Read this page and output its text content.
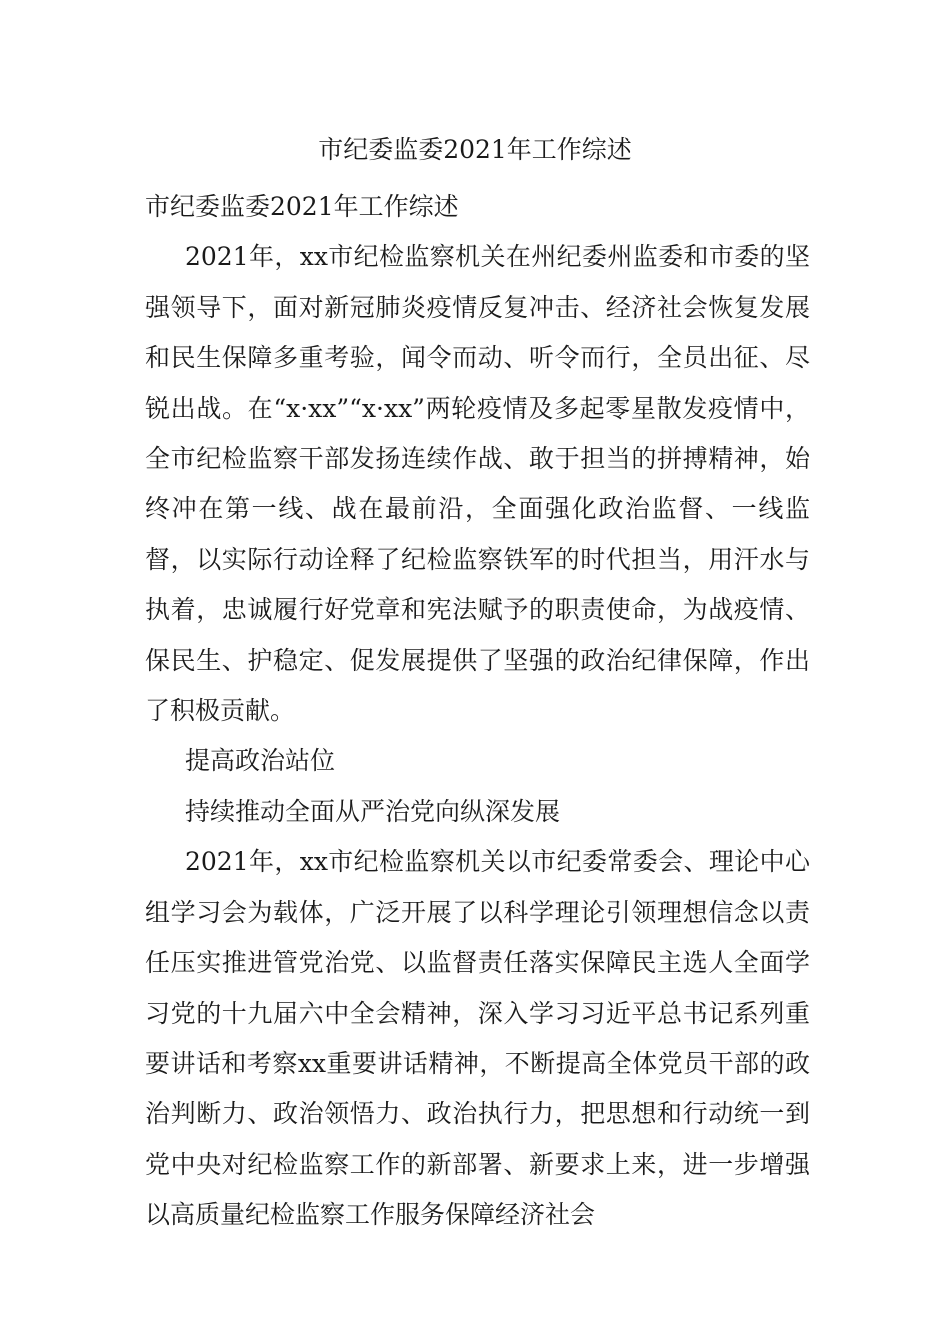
市纪委监委2021年工作综述

市纪委监委2021年工作综述

2021年，xx市纪检监察机关在州纪委州监委和市委的坚强领导下，面对新冠肺炎疫情反复冲击、经济社会恢复发展和民生保障多重考验，闻令而动、听令而行，全员出征、尽锐出战。在“x·xx”“x·xx”两轮疫情及多起零星散发疫情中，全市纪检监察干部发扬连续作战、敢于担当的拼搏精神，始终冲在第一线、战在最前沿，全面强化政治监督、一线监督，以实际行动诠释了纪检监察铁军的时代担当，用汗水与执着，忠诚履行好党章和宪法赋予的职责使命，为战疫情、保民生、护稳定、促发展提供了坚强的政治纪律保障，作出了积极贡献。

提高政治站位

持续推动全面从严治党向纵深发展

2021年，xx市纪检监察机关以市纪委常委会、理论中心组学习会为载体，广泛开展了以科学理论引领理想信念以责任压实推进管党治党、以监督责任落实保障民主选人全面学习党的十九届六中全会精神，深入学习习近平总书记系列重要讲话和考察xx重要讲话精神，不断提高全体党员干部的政治判断力、政治领悟力、政治执行力，把思想和行动统一到党中央对纪检监察工作的新部署、新要求上来，进一步增强以高质量纪检监察工作服务保障经济社会
